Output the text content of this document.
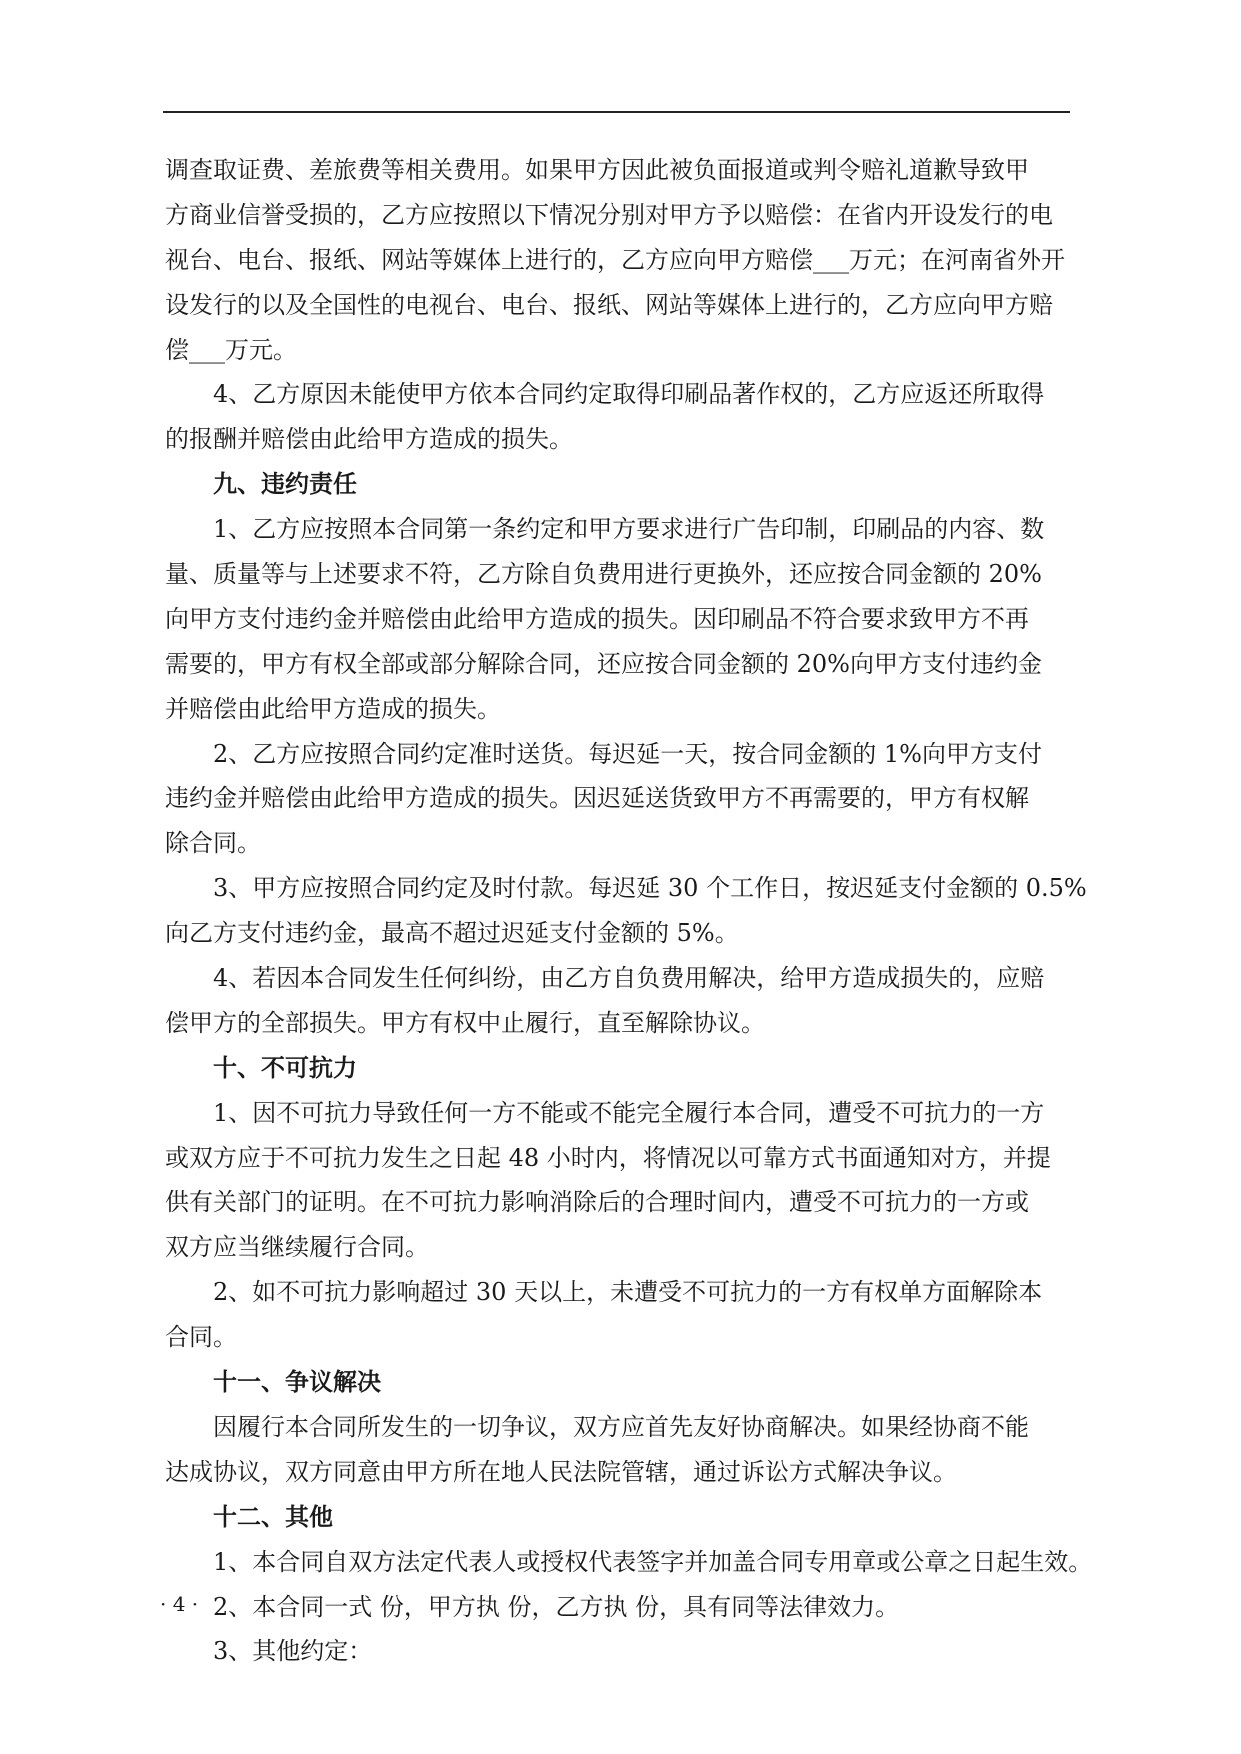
调查取证费、差旅费等相关费用。如果甲方因此被负面报道或判令赔礼道歉导致甲
方商业信誉受损的，乙方应按照以下情况分别对甲方予以赔偿：在省内开设发行的电
视台、电台、报纸、网站等媒体上进行的，乙方应向甲方赔偿___万元；在河南省外开
设发行的以及全国性的电视台、电台、报纸、网站等媒体上进行的，乙方应向甲方赔
偿___万元。
4、乙方原因未能使甲方依本合同约定取得印刷品著作权的，乙方应返还所取得
的报酬并赔偿由此给甲方造成的损失。
九、违约责任
1、乙方应按照本合同第一条约定和甲方要求进行广告印制，印刷品的内容、数
量、质量等与上述要求不符，乙方除自负费用进行更换外，还应按合同金额的 20%
向甲方支付违约金并赔偿由此给甲方造成的损失。因印刷品不符合要求致甲方不再
需要的，甲方有权全部或部分解除合同，还应按合同金额的 20%向甲方支付违约金
并赔偿由此给甲方造成的损失。
2、乙方应按照合同约定准时送货。每迟延一天，按合同金额的 1%向甲方支付
违约金并赔偿由此给甲方造成的损失。因迟延送货致甲方不再需要的，甲方有权解
除合同。
3、甲方应按照合同约定及时付款。每迟延 30 个工作日，按迟延支付金额的 0.5%
向乙方支付违约金，最高不超过迟延支付金额的 5%。
4、若因本合同发生任何纠纷，由乙方自负费用解决，给甲方造成损失的，应赔
偿甲方的全部损失。甲方有权中止履行，直至解除协议。
十、不可抗力
1、因不可抗力导致任何一方不能或不能完全履行本合同，遭受不可抗力的一方
或双方应于不可抗力发生之日起 48 小时内，将情况以可靠方式书面通知对方，并提
供有关部门的证明。在不可抗力影响消除后的合理时间内，遭受不可抗力的一方或
双方应当继续履行合同。
2、如不可抗力影响超过 30 天以上，未遭受不可抗力的一方有权单方面解除本
合同。
十一、争议解决
因履行本合同所发生的一切争议，双方应首先友好协商解决。如果经协商不能
达成协议，双方同意由甲方所在地人民法院管辖，通过诉讼方式解决争议。
十二、其他
1、本合同自双方法定代表人或授权代表签字并加盖合同专用章或公章之日起生效。
2、本合同一式 份，甲方执 份，乙方执 份，具有同等法律效力。
3、其他约定：
· 4 ·
